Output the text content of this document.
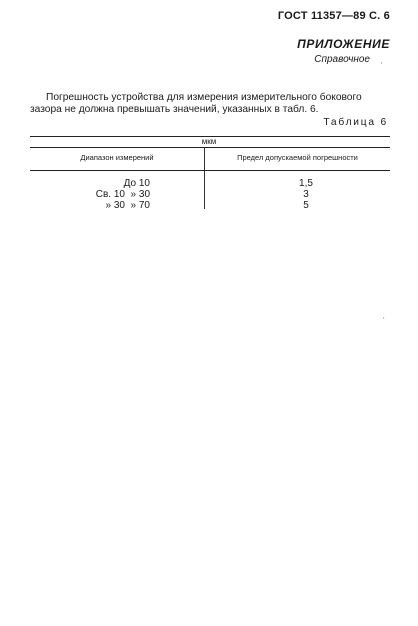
ГОСТ 11357—89 С. 6
ПРИЛОЖЕНИЕ
Справочное

Погрешность устройства для измерения измерительного бокового зазора не должна превышать значений, указанных в табл. 6.

Таблица 6
мкм
Диапазон измерений	Предел допускаемой погрешности
До 10	1,5
Св. 10  » 30	3
» 30  » 70	5
'
'
